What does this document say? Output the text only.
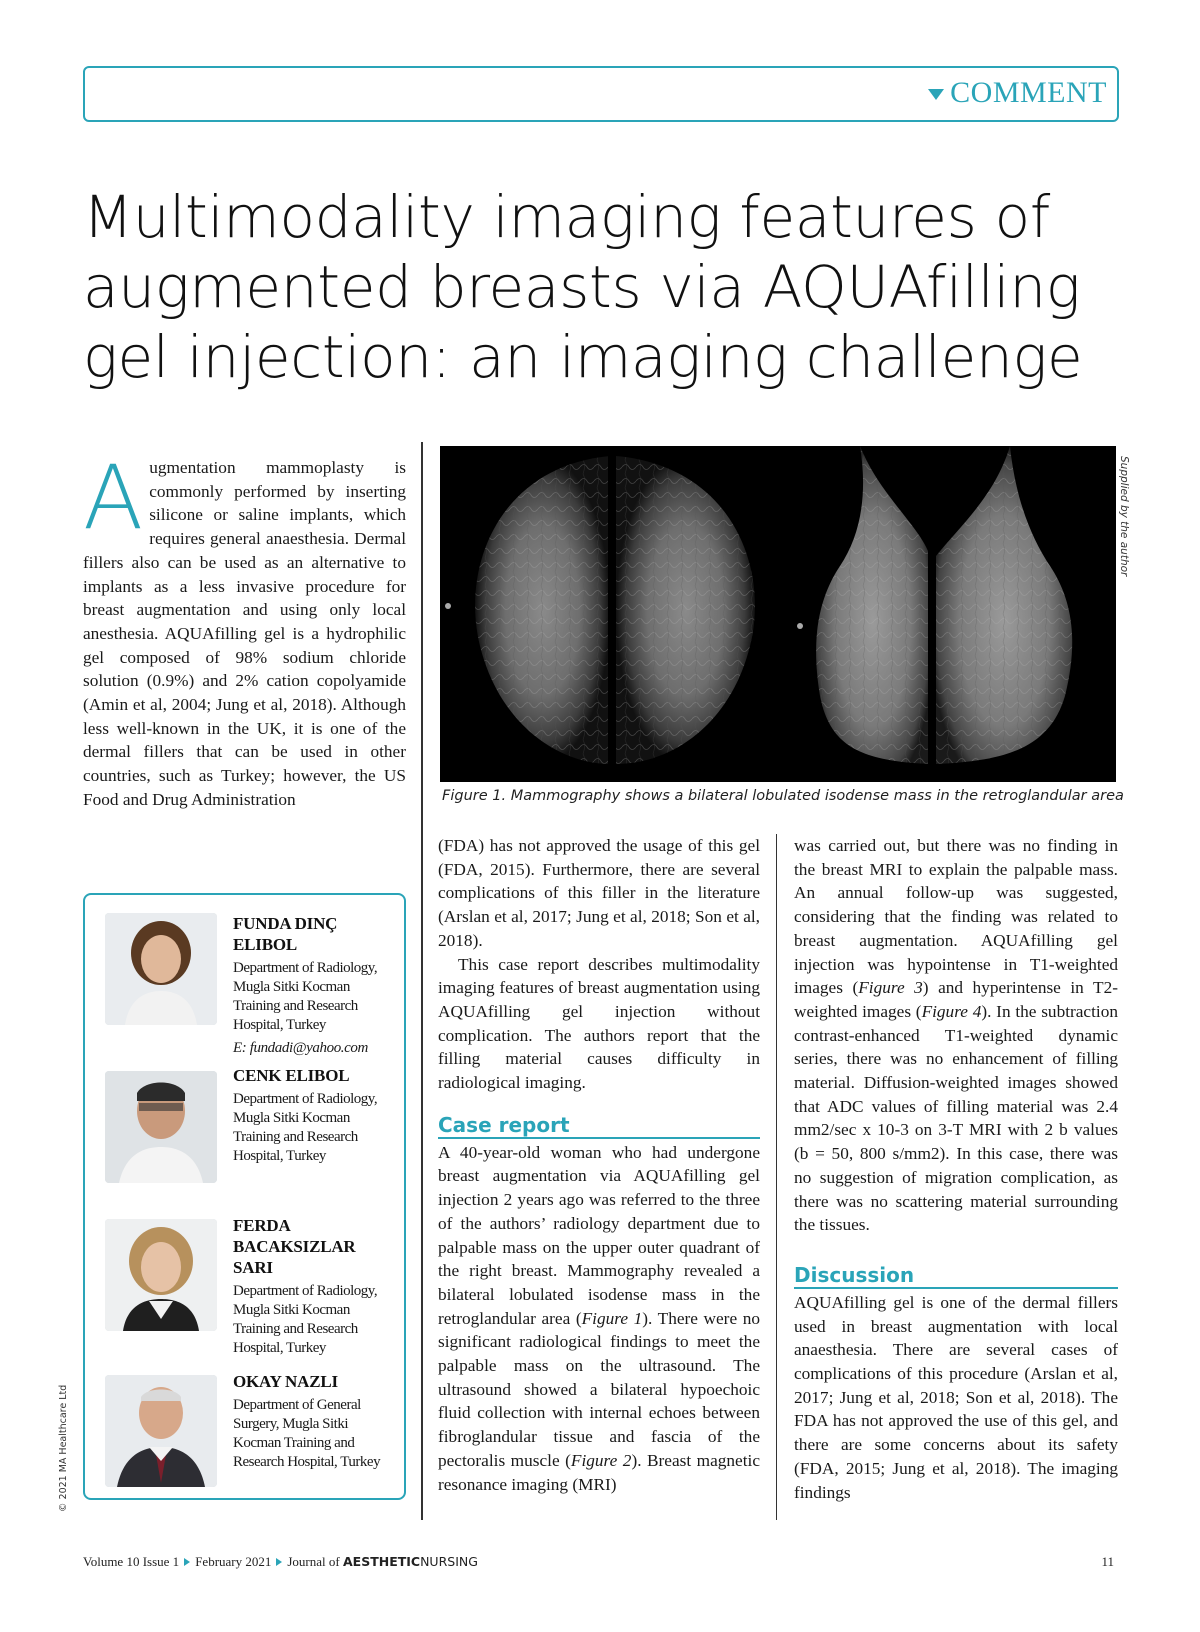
COMMENT
Multimodality imaging features of augmented breasts via AQUAfilling gel injection: an imaging challenge
A ugmentation mammoplasty is commonly performed by inserting silicone or saline implants, which requires general anaesthesia. Dermal fillers also can be used as an alternative to implants as a less invasive procedure for breast augmentation and using only local anesthesia. AQUAfilling gel is a hydrophilic gel composed of 98% sodium chloride solution (0.9%) and 2% cation copolyamide (Amin et al, 2004; Jung et al, 2018). Although less well-known in the UK, it is one of the dermal fillers that can be used in other countries, such as Turkey; however, the US Food and Drug Administration	Figure 1. Mammography shows a bilateral lobulated isodense mass in the retroglandular area
Supplied by the author

(FDA) has not approved the usage of this gel (FDA, 2015). Furthermore, there are several complications of this filler in the literature (Arslan et al, 2017; Jung et al, 2018; Son et al, 2018).

This case report describes multimodality imaging features of breast augmentation using AQUAfilling gel injection without complication. The authors report that the filling material causes difficulty in radiological imaging.

Case report

A 40-year-old woman who had undergone breast augmentation via AQUAfilling gel injection 2 years ago was referred to the three of the authors’ radiology department due to palpable mass on the upper outer quadrant of the right breast. Mammography revealed a bilateral lobulated isodense mass in the retroglandular area (Figure 1). There were no significant radiological findings to meet the palpable mass on the ultrasound. The ultrasound showed a bilateral hypoechoic fluid collection with internal echoes between fibroglandular tissue and fascia of the pectoralis muscle (Figure 2). Breast magnetic resonance imaging (MRI)

was carried out, but there was no finding in the breast MRI to explain the palpable mass. An annual follow-up was suggested, considering that the finding was related to breast augmentation. AQUAfilling gel injection was hypointense in T1-weighted images (Figure 3) and hyperintense in T2-weighted images (Figure 4). In the subtraction contrast-enhanced T1-weighted dynamic series, there was no enhancement of filling material. Diffusion-weighted images showed that ADC values of filling material was 2.4 mm2/sec x 10-3 on 3-T MRI with 2 b values (b = 50, 800 s/mm2). In this case, there was no suggestion of migration complication, as there was no scattering material surrounding the tissues.

Discussion

AQUAfilling gel is one of the dermal fillers used in breast augmentation with local anaesthesia. There are several cases of complications of this procedure (Arslan et al, 2017; Jung et al, 2018; Son et al, 2018). The FDA has not approved the use of this gel, and there are some concerns about its safety (FDA, 2015; Jung et al, 2018). The imaging findings

FUNDA DINÇ ELIBOL
Department of Radiology, Mugla Sitki Kocman Training and Research Hospital, Turkey
E: fundadi@yahoo.com
CENK ELIBOL
Department of Radiology, Mugla Sitki Kocman Training and Research Hospital, Turkey
FERDA BACAKSIZLAR SARI
Department of Radiology, Mugla Sitki Kocman Training and Research Hospital, Turkey
OKAY NAZLI
Department of General Surgery, Mugla Sitki Kocman Training and Research Hospital, Turkey
© 2021 MA Healthcare Ltd
Volume 10 Issue 1 February 2021 Journal of AESTHETICNURSING	11
